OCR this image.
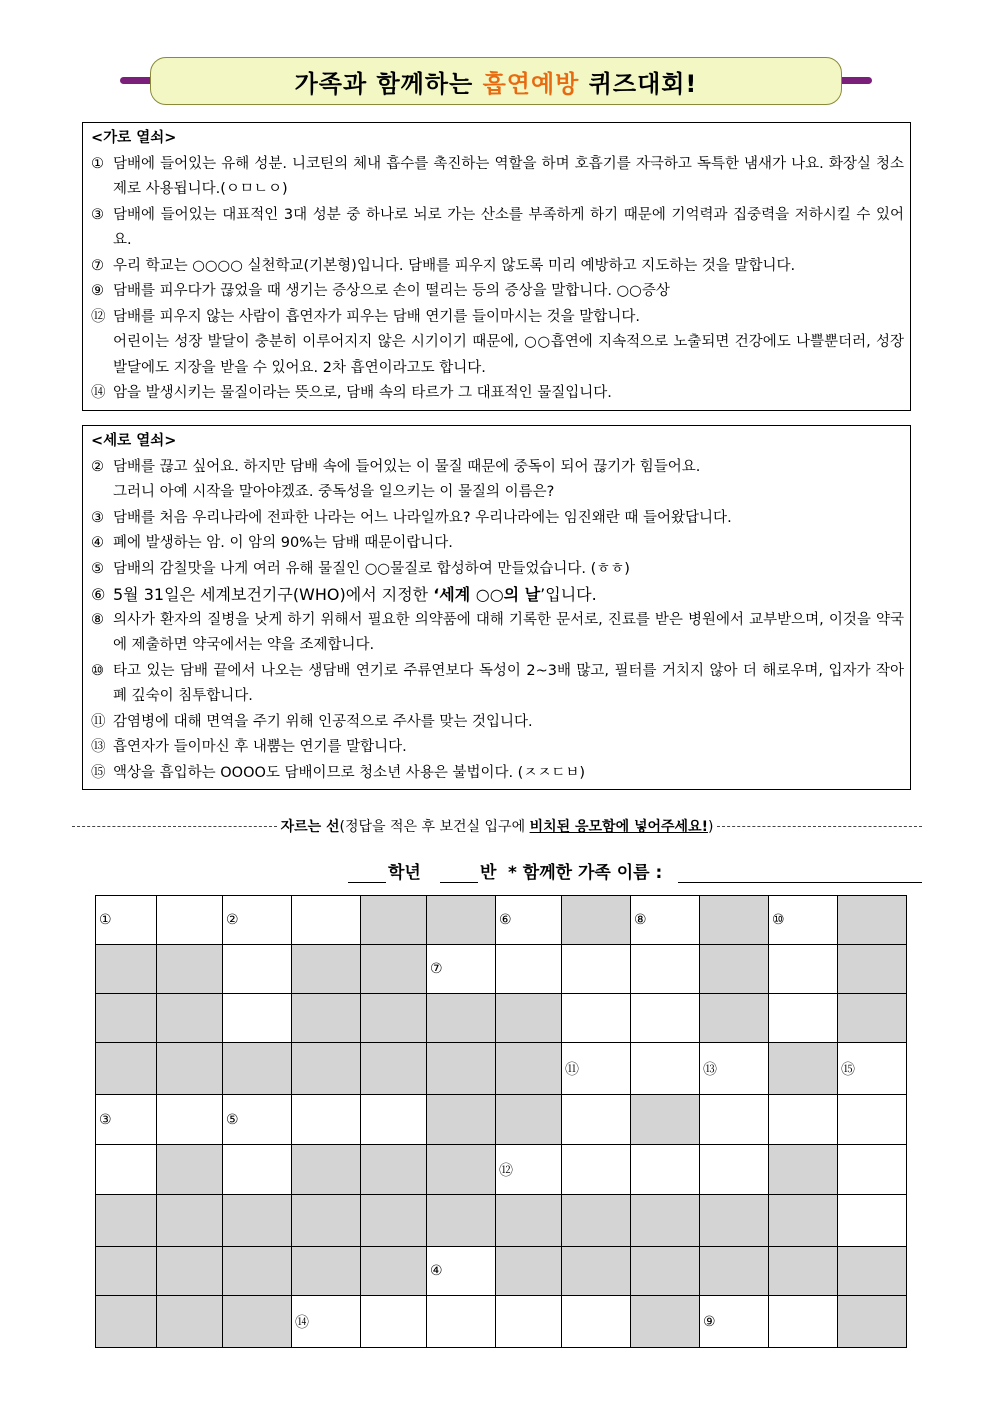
가족과 함께하는 흡연예방 퀴즈대회!
<가로 열쇠>
① 담배에 들어있는 유해 성분. 니코틴의 체내 흡수를 촉진하는 역할을 하며 호흡기를 자극하고 독특한 냄새가 나요. 화장실 청소제로 사용됩니다.(ㅇㅁㄴㅇ)
③ 담배에 들어있는 대표적인 3대 성분 중 하나로 뇌로 가는 산소를 부족하게 하기 때문에 기억력과 집중력을 저하시킬 수 있어요.
⑦ 우리 학교는 ○○○○ 실천학교(기본형)입니다. 담배를 피우지 않도록 미리 예방하고 지도하는 것을 말합니다.
⑨ 담배를 피우다가 끊었을 때 생기는 증상으로 손이 떨리는 등의 증상을 말합니다. ○○증상
⑫ 담배를 피우지 않는 사람이 흡연자가 피우는 담배 연기를 들이마시는 것을 말합니다.
어린이는 성장 발달이 충분히 이루어지지 않은 시기이기 때문에, ○○흡연에 지속적으로 노출되면 건강에도 나쁠뿐더러, 성장 발달에도 지장을 받을 수 있어요. 2차 흡연이라고도 합니다.
⑭ 암을 발생시키는 물질이라는 뜻으로, 담배 속의 타르가 그 대표적인 물질입니다.
<세로 열쇠>
② 담배를 끊고 싶어요. 하지만 담배 속에 들어있는 이 물질 때문에 중독이 되어 끊기가 힘들어요.
그러니 아예 시작을 말아야겠죠. 중독성을 일으키는 이 물질의 이름은?
③ 담배를 처음 우리나라에 전파한 나라는 어느 나라일까요? 우리나라에는 임진왜란 때 들어왔답니다.
④ 폐에 발생하는 암. 이 암의 90%는 담배 때문이랍니다.
⑤ 담배의 감칠맛을 나게 여러 유해 물질인 ○○물질로 합성하여 만들었습니다. (ㅎㅎ)
⑥ 5월 31일은 세계보건기구(WHO)에서 지정한 ‘세계 ○○의 날’입니다.
⑧ 의사가 환자의 질병을 낫게 하기 위해서 필요한 의약품에 대해 기록한 문서로, 진료를 받은 병원에서 교부받으며, 이것을 약국에 제출하면 약국에서는 약을 조제합니다.
⑩ 타고 있는 담배 끝에서 나오는 생담배 연기로 주류연보다 독성이 2~3배 많고, 필터를 거치지 않아 더 해로우며, 입자가 작아 폐 깊숙이 침투합니다.
⑪ 감염병에 대해 면역을 주기 위해 인공적으로 주사를 맞는 것입니다.
⑬ 흡연자가 들이마신 후 내뿜는 연기를 말합니다.
⑮ 액상을 흡입하는 OOOO도 담배이므로 청소년 사용은 불법이다. (ㅈㅈㄷㅂ)
자르는 선(정답을 적은 후 보건실 입구에 비치된 응모함에 넣어주세요!)
학년	반 * 함께한 가족 이름 :
①		②				⑥		⑧		⑩	
					⑦						

							⑪		⑬		⑮
③		⑤									
						⑫					

					④						
			⑭						⑨		
